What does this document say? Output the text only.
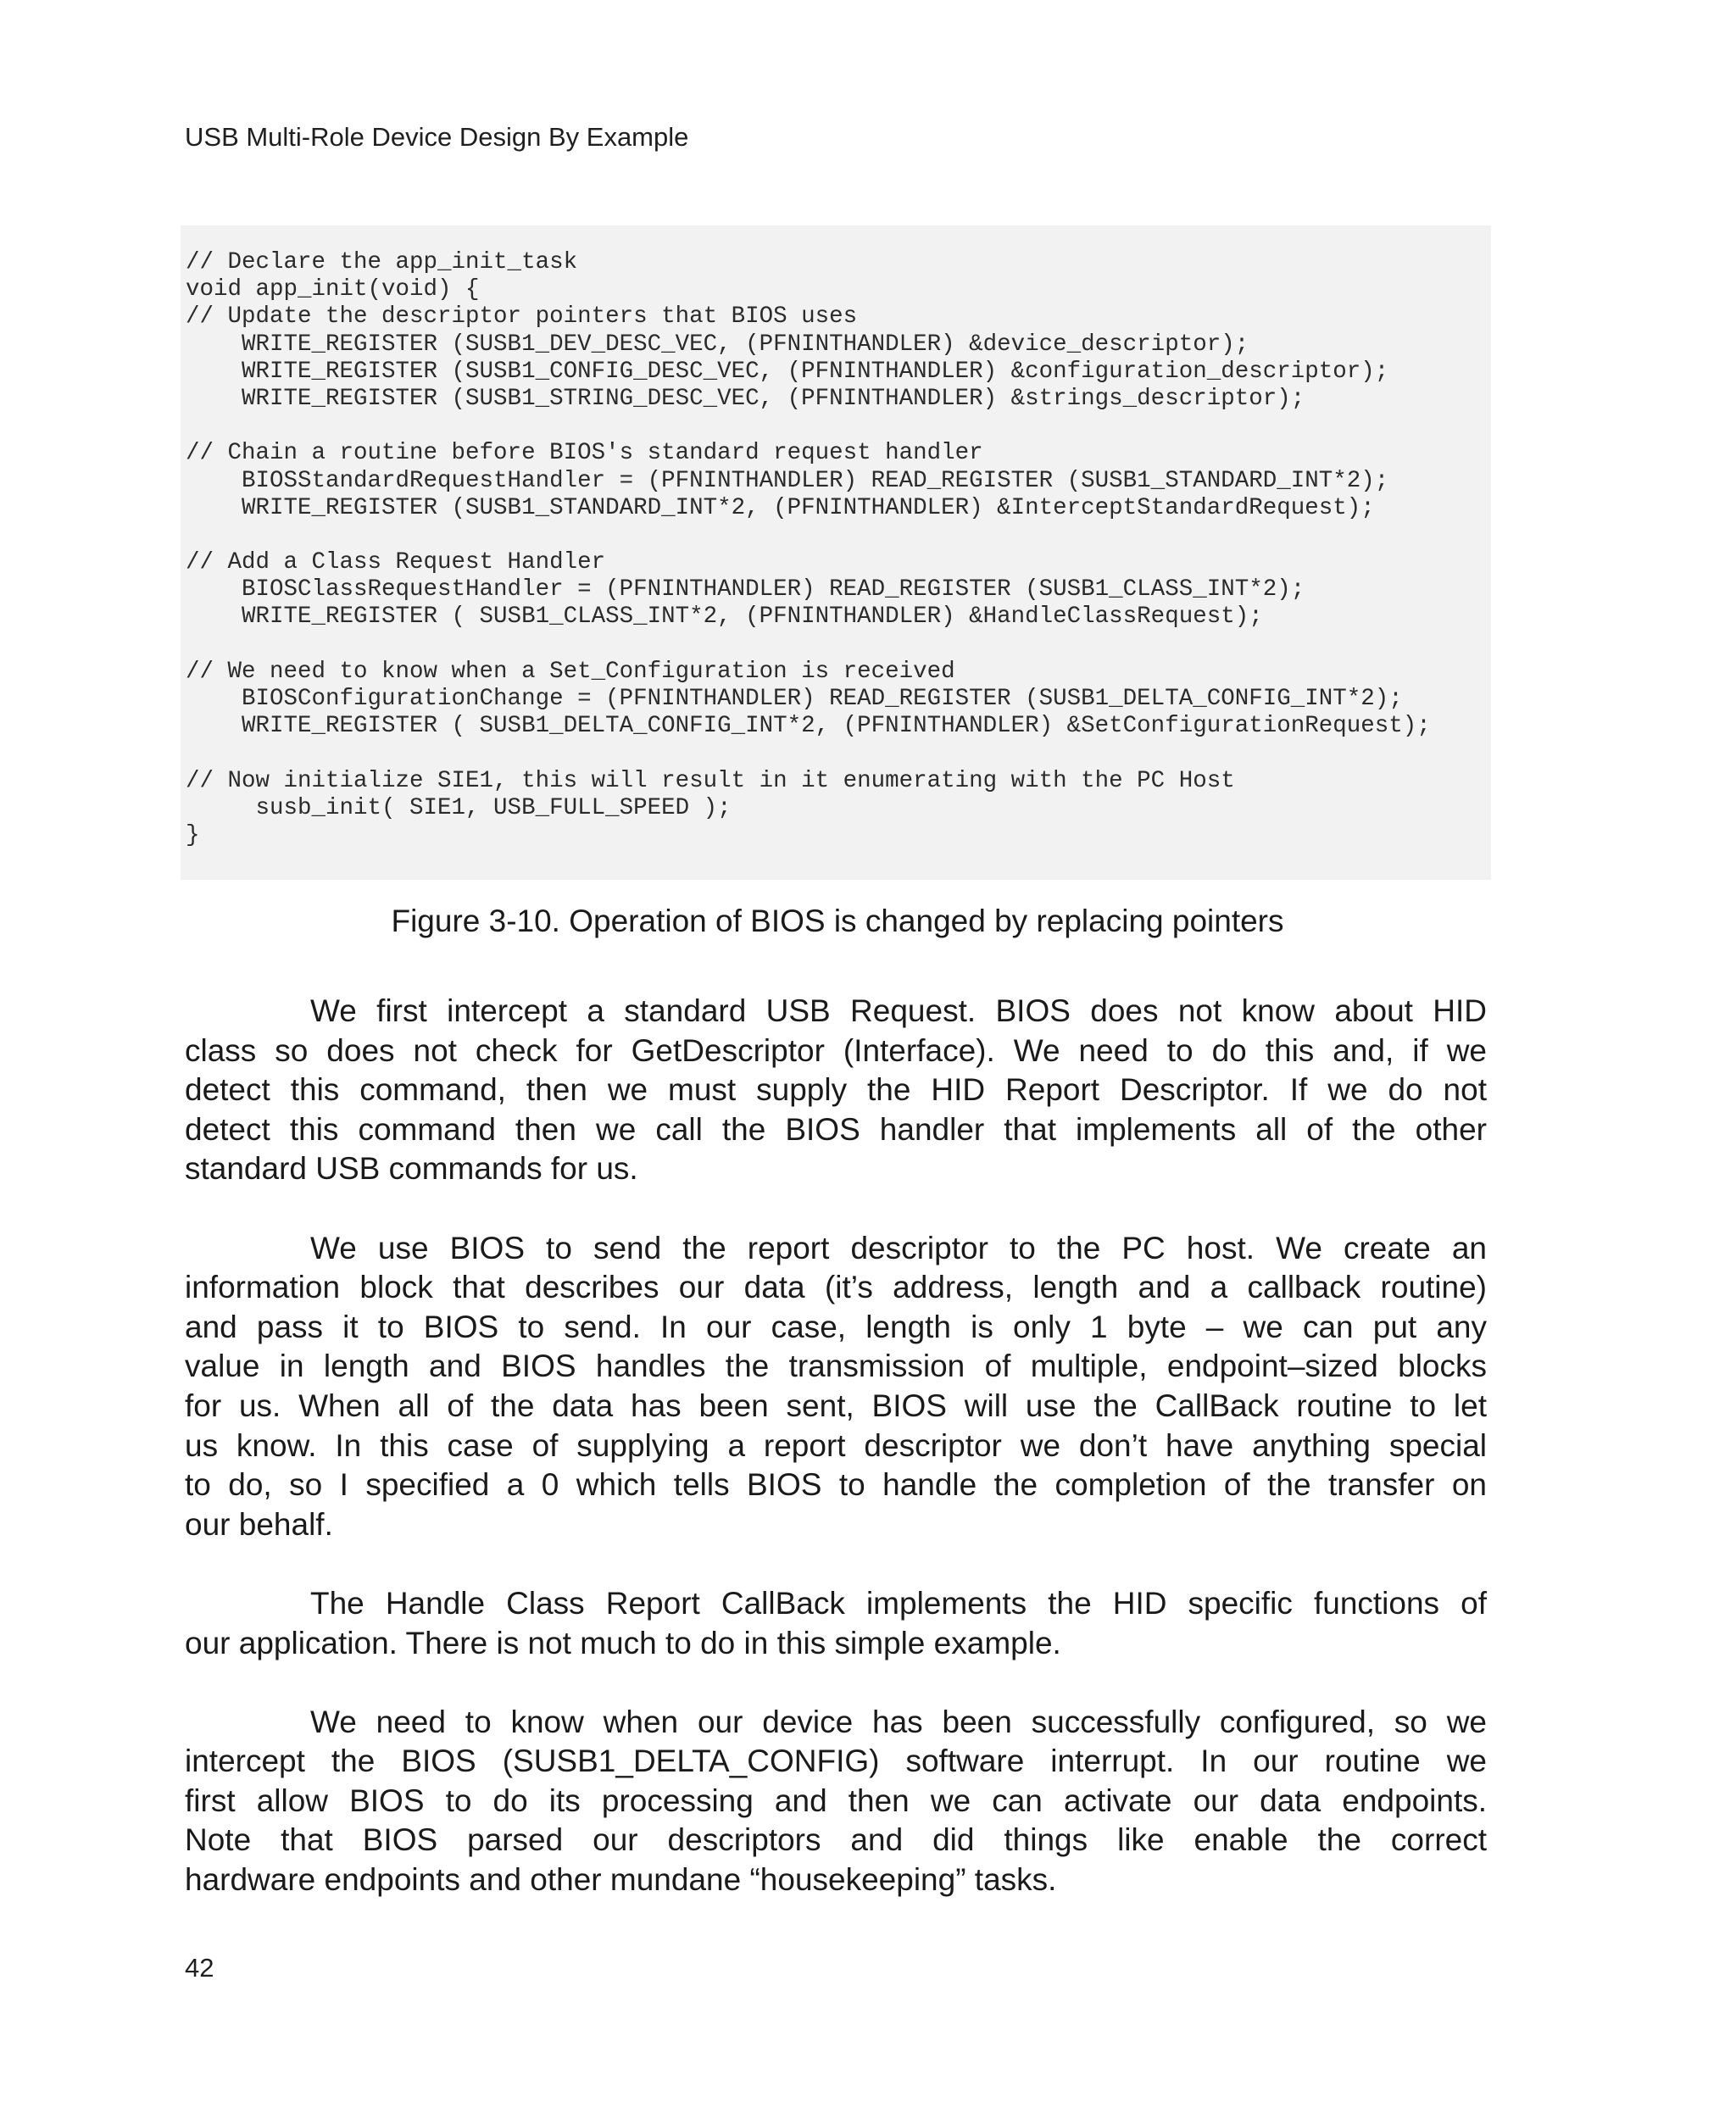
USB Multi-Role Device Design By Example
// Declare the app_init_task
void app_init(void) {
// Update the descriptor pointers that BIOS uses
WRITE_REGISTER (SUSB1_DEV_DESC_VEC, (PFNINTHANDLER) &device_descriptor);
WRITE_REGISTER (SUSB1_CONFIG_DESC_VEC, (PFNINTHANDLER) &configuration_descriptor);
WRITE_REGISTER (SUSB1_STRING_DESC_VEC, (PFNINTHANDLER) &strings_descriptor);
// Chain a routine before BIOS's standard request handler
BIOSStandardRequestHandler = (PFNINTHANDLER) READ_REGISTER (SUSB1_STANDARD_INT*2);
WRITE_REGISTER (SUSB1_STANDARD_INT*2, (PFNINTHANDLER) &InterceptStandardRequest);
// Add a Class Request Handler
BIOSClassRequestHandler = (PFNINTHANDLER) READ_REGISTER (SUSB1_CLASS_INT*2);
WRITE_REGISTER ( SUSB1_CLASS_INT*2, (PFNINTHANDLER) &HandleClassRequest);
// We need to know when a Set_Configuration is received
BIOSConfigurationChange = (PFNINTHANDLER) READ_REGISTER (SUSB1_DELTA_CONFIG_INT*2);
WRITE_REGISTER ( SUSB1_DELTA_CONFIG_INT*2, (PFNINTHANDLER) &SetConfigurationRequest);
// Now initialize SIE1, this will result in it enumerating with the PC Host
susb_init( SIE1, USB_FULL_SPEED );
}
Figure 3-10. Operation of BIOS is changed by replacing pointers

We first intercept a standard USB Request. BIOS does not know about HID
class so does not check for GetDescriptor (Interface). We need to do this and, if we
detect this command, then we must supply the HID Report Descriptor. If we do not
detect this command then we call the BIOS handler that implements all of the other
standard USB commands for us.

We use BIOS to send the report descriptor to the PC host. We create an
information block that describes our data (it’s address, length and a callback routine)
and pass it to BIOS to send. In our case, length is only 1 byte – we can put any
value in length and BIOS handles the transmission of multiple, endpoint–sized blocks
for us. When all of the data has been sent, BIOS will use the CallBack routine to let
us know. In this case of supplying a report descriptor we don’t have anything special
to do, so I specified a 0 which tells BIOS to handle the completion of the transfer on
our behalf.

The Handle Class Report CallBack implements the HID specific functions of
our application. There is not much to do in this simple example.

We need to know when our device has been successfully configured, so we
intercept the BIOS (SUSB1_DELTA_CONFIG) software interrupt. In our routine we
first allow BIOS to do its processing and then we can activate our data endpoints.
Note that BIOS parsed our descriptors and did things like enable the correct
hardware endpoints and other mundane “housekeeping” tasks.

42
